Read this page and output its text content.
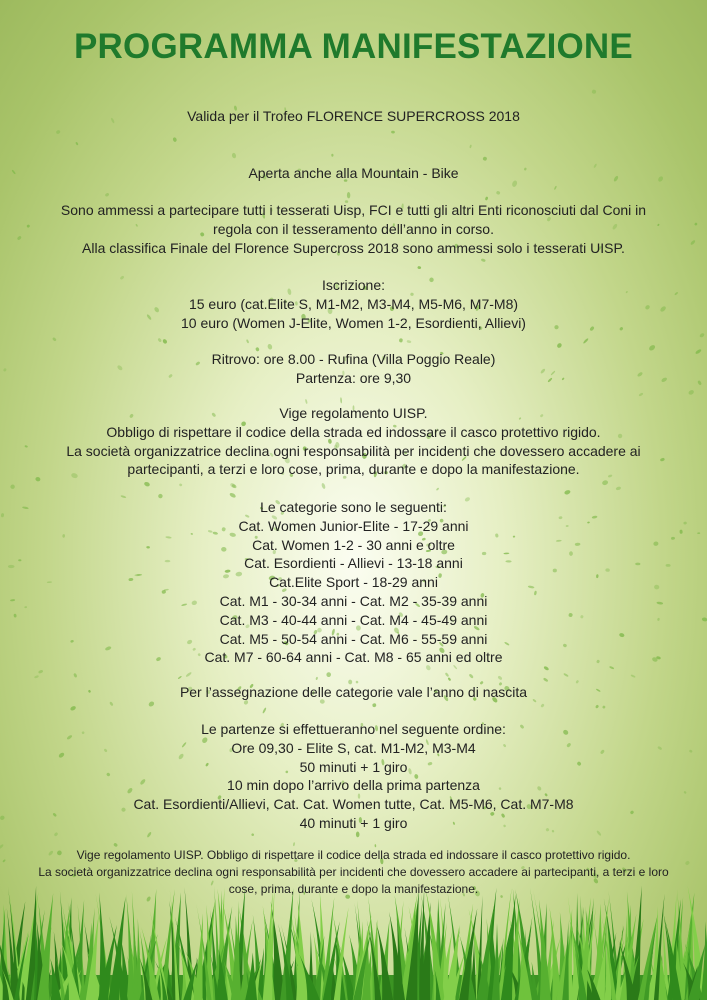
PROGRAMMA MANIFESTAZIONE
Valida per il Trofeo FLORENCE SUPERCROSS 2018
Aperta anche alla Mountain - Bike
Sono ammessi a partecipare tutti i tesserati Uisp, FCI e tutti gli altri Enti riconosciuti dal Coni in
regola con il tesseramento dell’anno in corso.
Alla classifica Finale del Florence Supercross 2018 sono ammessi solo i tesserati UISP.
Iscrizione:
15 euro (cat.Elite S, M1-M2, M3-M4, M5-M6, M7-M8)
10 euro (Women J-Elite, Women 1-2, Esordienti, Allievi)
Ritrovo: ore 8.00 - Rufina (Villa Poggio Reale)
Partenza: ore 9,30
Vige regolamento UISP.
Obbligo di rispettare il codice della strada ed indossare il casco protettivo rigido.
La società organizzatrice declina ogni responsabilità per incidenti che dovessero accadere ai
partecipanti, a terzi e loro cose, prima, durante e dopo la manifestazione.
Le categorie sono le seguenti:
Cat. Women Junior-Elite - 17-29 anni
Cat. Women 1-2 - 30 anni e oltre
Cat. Esordienti - Allievi - 13-18 anni
Cat.Elite Sport - 18-29 anni
Cat. M1 - 30-34 anni - Cat. M2 - 35-39 anni
Cat. M3 - 40-44 anni - Cat. M4 - 45-49 anni
Cat. M5 - 50-54 anni - Cat. M6 - 55-59 anni
Cat. M7 - 60-64 anni - Cat. M8 - 65 anni ed oltre
Per l’assegnazione delle categorie vale l’anno di nascita
Le partenze si effettueranno nel seguente ordine:
Ore 09,30 - Elite S, cat. M1-M2, M3-M4
50 minuti + 1 giro
10 min dopo l’arrivo della prima partenza
Cat. Esordienti/Allievi, Cat. Cat. Women tutte, Cat. M5-M6, Cat. M7-M8
40 minuti + 1 giro
Vige regolamento UISP. Obbligo di rispettare il codice della strada ed indossare il casco protettivo rigido.
La società organizzatrice declina ogni responsabilità per incidenti che dovessero accadere ai partecipanti, a terzi e loro
cose, prima, durante e dopo la manifestazione.
